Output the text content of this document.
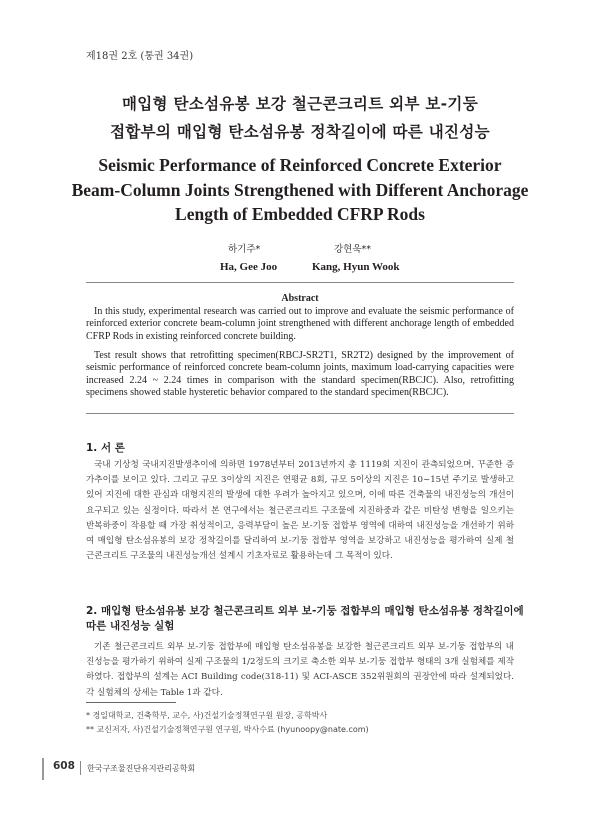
제18권 2호 (통권 34권)
매입형 탄소섬유봉 보강 철근콘크리트 외부 보-기둥
접합부의 매입형 탄소섬유봉 정착길이에 따른 내진성능
Seismic Performance of Reinforced Concrete Exterior
Beam-Column Joints Strengthened with Different Anchorage
Length of Embedded CFRP Rods
하기주*	강현욱**
Ha, Gee Joo	Kang, Hyun Wook
Abstract
In this study, experimental research was carried out to improve and evaluate the seismic performance of reinforced exterior concrete beam-column joint strengthened with different anchorage length of embedded CFRP Rods in existing reinforced concrete building.
Test result shows that retrofitting specimen(RBCJ-SR2T1, SR2T2) designed by the improvement of seismic performance of reinforced concrete beam-column joints, maximum load-carrying capacities were increased 2.24 ~ 2.24 times in comparison with the standard specimen(RBCJC). Also, retrofitting specimens showed stable hysteretic behavior compared to the standard specimen(RBCJC).
1. 서 론
국내 기상청 국내지진발생추이에 의하면 1978년부터 2013년까지 총 1119회 지진이 관측되었으며, 꾸준한 증가추이를 보이고 있다. 그리고 규모 3이상의 지진은 연평균 8회, 규모 5이상의 지진은 10~15년 주기로 발생하고 있어 지진에 대한 관심과 대형지진의 발생에 대한 우려가 높아지고 있으며, 이에 따른 건축물의 내진성능의 개선이 요구되고 있는 실정이다. 따라서 본 연구에서는 철근콘크리트 구조물에 지진하중과 같은 비탄성 변형을 일으키는 반복하중이 작용할 때 가장 취성적이고, 응력부담이 높은 보-기둥 접합부 영역에 대하여 내진성능을 개선하기 위하여 매입형 탄소섬유봉의 보강 정착길이를 달리하여 보-기둥 접합부 영역을 보강하고 내진성능을 평가하여 실제 철근콘크리트 구조물의 내진성능개선 설계시 기초자료로 활용하는데 그 목적이 있다.
2. 매입형 탄소섬유봉 보강 철근콘크리트 외부 보-기둥 접합부의 매입형 탄소섬유봉 정착길이에 따른 내진성능 실험
기존 철근콘크리트 외부 보-기둥 접합부에 매입형 탄소섬유봉을 보강한 철근콘크리트 외부 보-기둥 접합부의 내진성능을 평가하기 위하여 실제 구조물의 1/2정도의 크기로 축소한 외부 보-기둥 접합부 형태의 3개 실험체를 제작하였다. 접합부의 설계는 ACI Building code(318-11) 및 ACI-ASCE 352위원회의 권장안에 따라 설계되었다. 각 실험체의 상세는 Table 1과 같다.
* 경일대학교, 건축학부, 교수, 사)건설기술정책연구원 원장, 공학박사
** 교신저자, 사)건설기술정책연구원 연구원, 박사수료 (hyunoopy@nate.com)
608 한국구조물진단유지관리공학회
